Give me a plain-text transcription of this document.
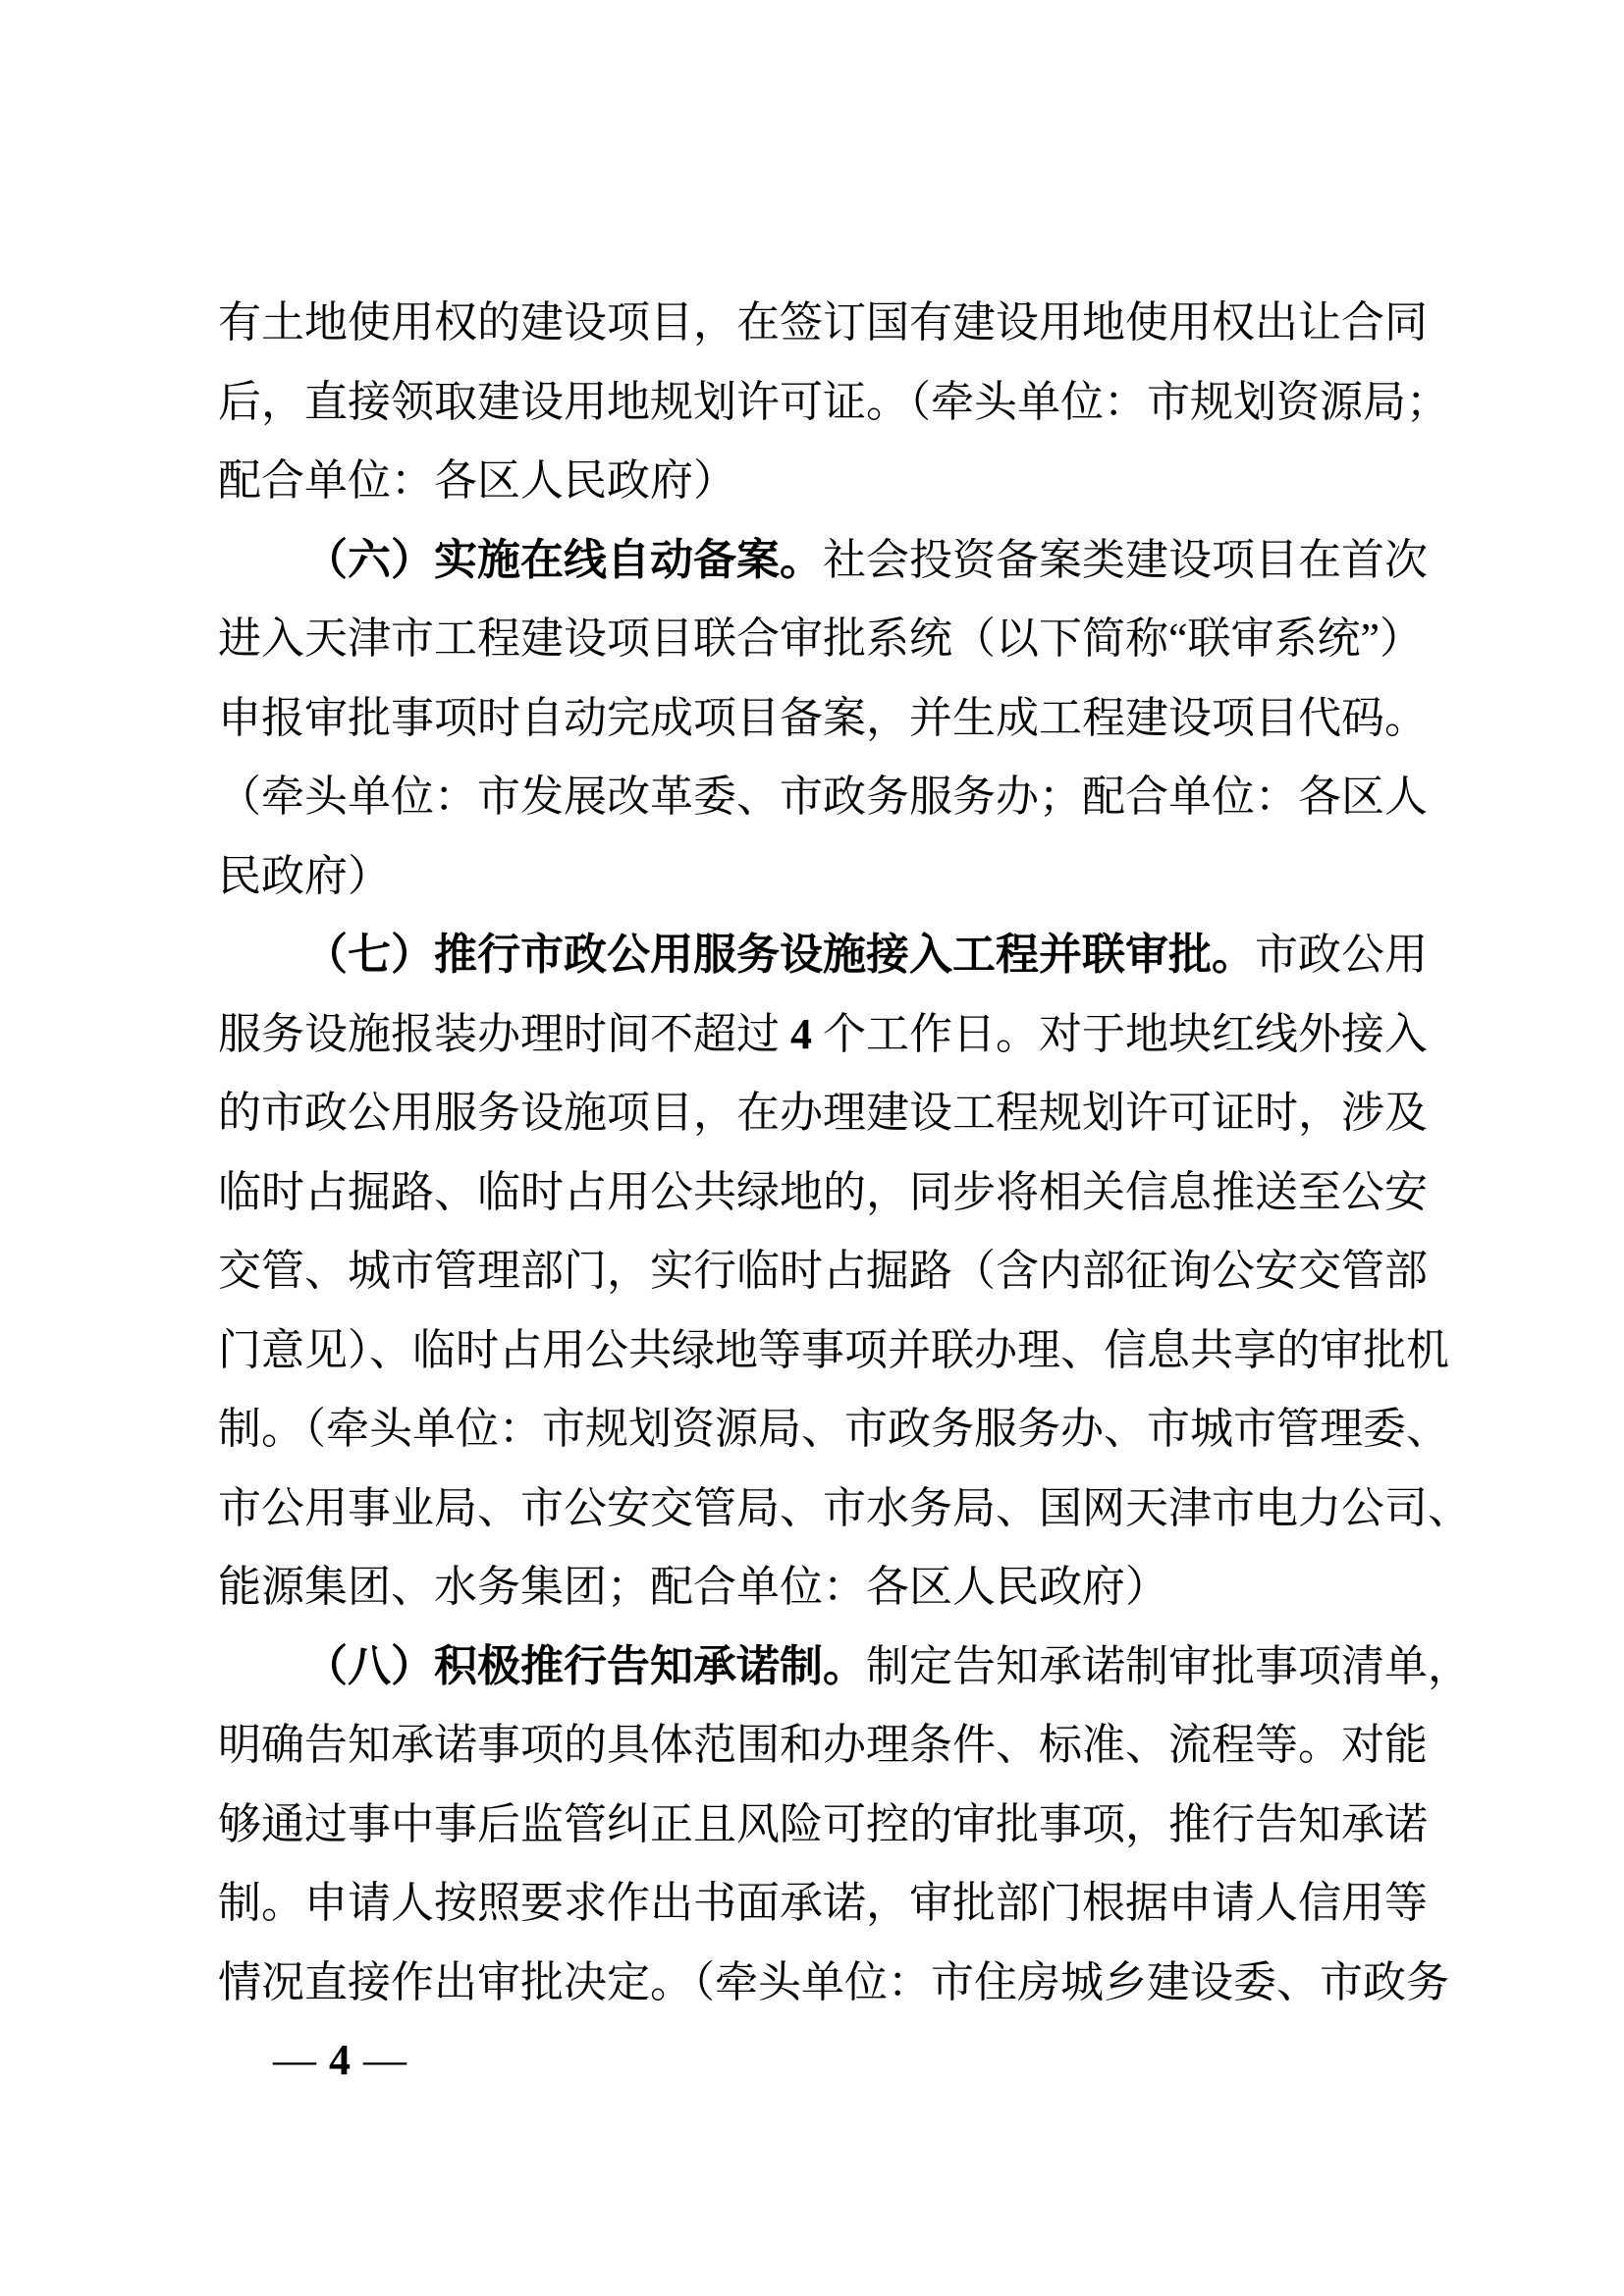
有土地使用权的建设项目，在签订国有建设用地使用权出让合同
后，直接领取建设用地规划许可证。（牵头单位：市规划资源局；
配合单位：各区人民政府）
（六）实施在线自动备案。社会投资备案类建设项目在首次
进入天津市工程建设项目联合审批系统（以下简称“联审系统”）
申报审批事项时自动完成项目备案，并生成工程建设项目代码。
（牵头单位：市发展改革委、市政务服务办；配合单位：各区人
民政府）
（七）推行市政公用服务设施接入工程并联审批。市政公用
服务设施报装办理时间不超过 4 个工作日。对于地块红线外接入
的市政公用服务设施项目，在办理建设工程规划许可证时，涉及
临时占掘路、临时占用公共绿地的，同步将相关信息推送至公安
交管、城市管理部门，实行临时占掘路（含内部征询公安交管部
门意见）、临时占用公共绿地等事项并联办理、信息共享的审批机
制。（牵头单位：市规划资源局、市政务服务办、市城市管理委、
市公用事业局、市公安交管局、市水务局、国网天津市电力公司、
能源集团、水务集团；配合单位：各区人民政府）
（八）积极推行告知承诺制。制定告知承诺制审批事项清单，
明确告知承诺事项的具体范围和办理条件、标准、流程等。对能
够通过事中事后监管纠正且风险可控的审批事项，推行告知承诺
制。申请人按照要求作出书面承诺，审批部门根据申请人信用等
情况直接作出审批决定。（牵头单位：市住房城乡建设委、市政务
— 4 —
